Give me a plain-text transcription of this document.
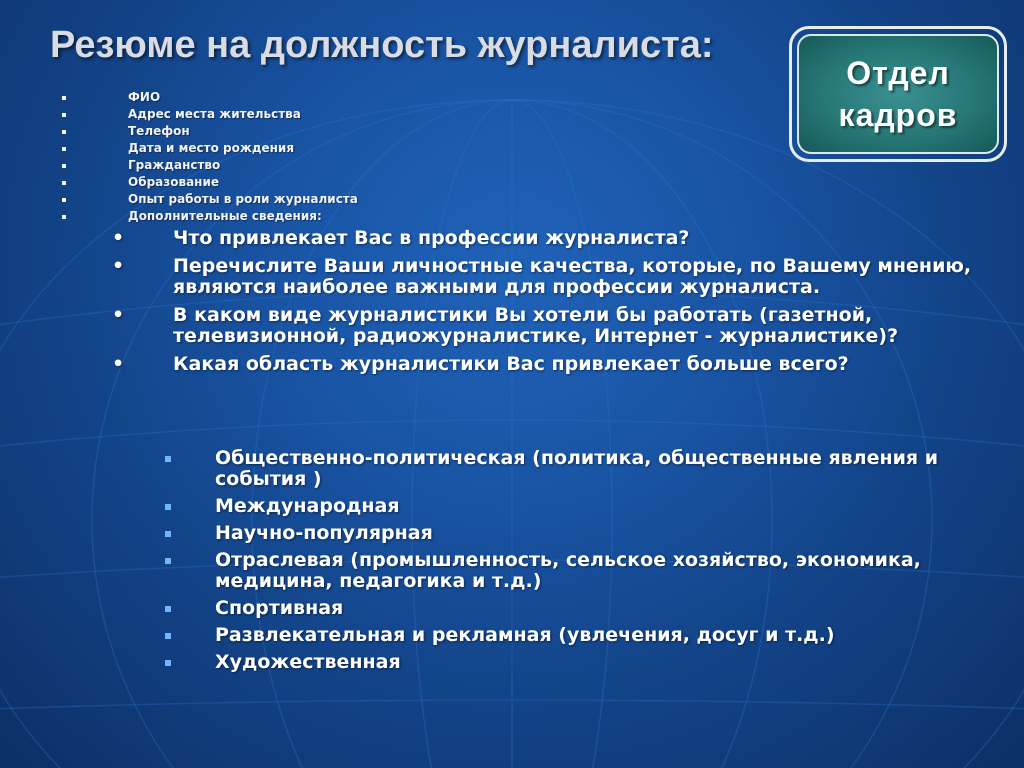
Резюме на должность журналиста:
Отдел
кадров
ФИО
Адрес места жительства
Телефон
Дата и место рождения
Гражданство
Образование
Опыт работы в роли журналиста
Дополнительные сведения:
•	Что привлекает Вас в профессии журналиста?
•	Перечислите Ваши личностные качества, которые, по Вашему мнению, являются наиболее важными для профессии журналиста.
•	В каком виде журналистики Вы хотели бы работать (газетной, телевизионной, радиожурналистике, Интернет - журналистике)?
•	Какая область журналистики Вас привлекает больше всего?
Общественно-политическая (политика, общественные явления и события )
Международная
Научно-популярная
Отраслевая (промышленность, сельское хозяйство, экономика, медицина, педагогика и т.д.)
Спортивная
Развлекательная и рекламная (увлечения, досуг и т.д.)
Художественная
